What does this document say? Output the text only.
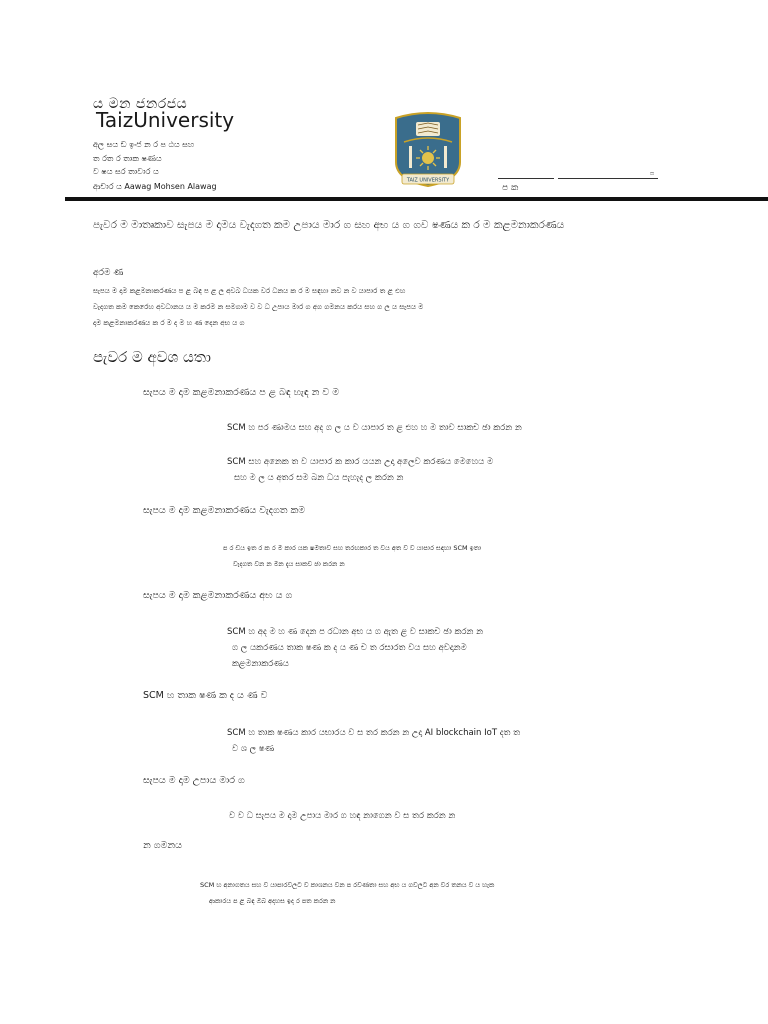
ය මන ජනරජය
TaizUniversity
අල සය ඩ ඉංජ න ර ප ඨය සහ
ත රත ර තාක ෂණය
ව ෂය සර තාවාර ය
ආචාර ය Aawag Mohsen Alawag
TAIZ UNIVERSITY
ෆ
ප ක
පැවර ම මාතෘකාව සැපය ම දාමය වැදගත කම උපාය මාර ග සහ අභ ය ග ගව ෂණය ක ර ම කළමනාකරණය
අරම ණ
සැපය ම දාම කළමනාකරණය ප ළ බඳ ප ළ ල අවබ ධයක වර ධනය ක ර ම සඳහා නව න ව යාපාර ත ළ එහ
වැදගත කම කෙරෙහ අවධානය ය ම කරම න සමගාම ව ව ධ උපාය මාර ග අග ගමනය කරය සහ ග ල ය සැපය ම
දාම කළමනාකරණය ක ර ම ද ම හ ණ දෙන අභ ය ග
පැවර ම අවශ යතා
සැපය ම දාම කළමනාකරණය ප ළ බඳ හැඳ න ව ම
SCM හ පර ණාමය සහ අද ග ල ය ව යාපාර ත ළ එහ හ ම තාව සාකච ඡා කරන න
SCM සහ අනෙක ත ව යාපාර ක කාර යයන උදා අලෙව කරණය මෙහෙය ම
සහ ම ල ය අතර සම බන ධය පැහැද ල කරන න
සැපය ම දාම කළමනාකරණය වැදගත කම
ප ර ඩය ඉත ර ක ර ම කාර යක ෂමතාව සහ තරඟකාර ත වය අත ව ව යාපාර සඳහා SCM ඉතා
වැදගත වන න මන දැය සාකච ඡා කරන න
සැපය ම දාම කළමනාකරණය අභ ය ග
SCM හ අද ම හ ණ දෙන ප රධාන අභ ය ග ඇත ළ ව සාකච ඡා කරන න
ග ල යකරණය තාක ෂණ ක ද ය ණ ච ත රසාරත වය සහ අවදානම
කළමනාකරණය
SCM හ තාක ෂණ ක ද ය ණ ව
SCM හ තාක ෂණය කාර යභාරය ව ස තර කරන න උදා AI blockchain IoT දත ත
ව ශ ල ෂණ
සැපය ම දාම උපාය මාර ග
ව ව ධ සැපය ම දාම උපාය මාර ග හඳ නාගෙන ව ස තර කරන න
න ගමනය
SCM හ අනාගතය සහ ව යාපාරවලට ව කාශනය වන ප රවණතා සහ අභ ය ගවලට අන වර තනය ව ය හැක
ආකාරය ප ළ බඳ ඔබ අදහස ඉද ර පත කරන න
